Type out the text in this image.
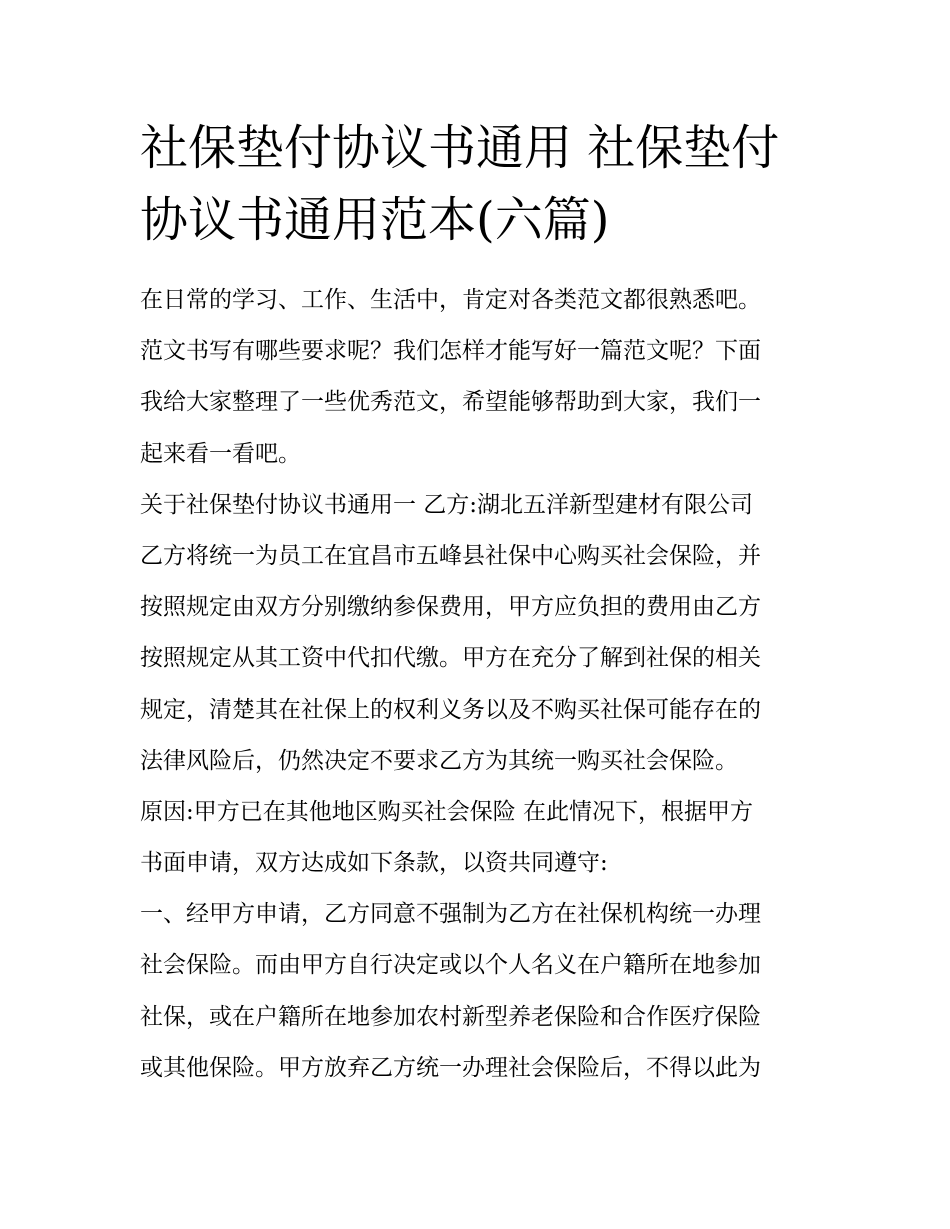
社保垫付协议书通用 社保垫付
协议书通用范本(六篇)
在日常的学习、工作、生活中，肯定对各类范文都很熟悉吧。
范文书写有哪些要求呢？我们怎样才能写好一篇范文呢？下面
我给大家整理了一些优秀范文，希望能够帮助到大家，我们一
起来看一看吧。
关于社保垫付协议书通用一 乙方:湖北五洋新型建材有限公司
乙方将统一为员工在宜昌市五峰县社保中心购买社会保险，并
按照规定由双方分别缴纳参保费用，甲方应负担的费用由乙方
按照规定从其工资中代扣代缴。甲方在充分了解到社保的相关
规定，清楚其在社保上的权利义务以及不购买社保可能存在的
法律风险后，仍然决定不要求乙方为其统一购买社会保险。
原因:甲方已在其他地区购买社会保险 在此情况下，根据甲方
书面申请，双方达成如下条款，以资共同遵守:
一、经甲方申请，乙方同意不强制为乙方在社保机构统一办理
社会保险。而由甲方自行决定或以个人名义在户籍所在地参加
社保，或在户籍所在地参加农村新型养老保险和合作医疗保险
或其他保险。甲方放弃乙方统一办理社会保险后，不得以此为
